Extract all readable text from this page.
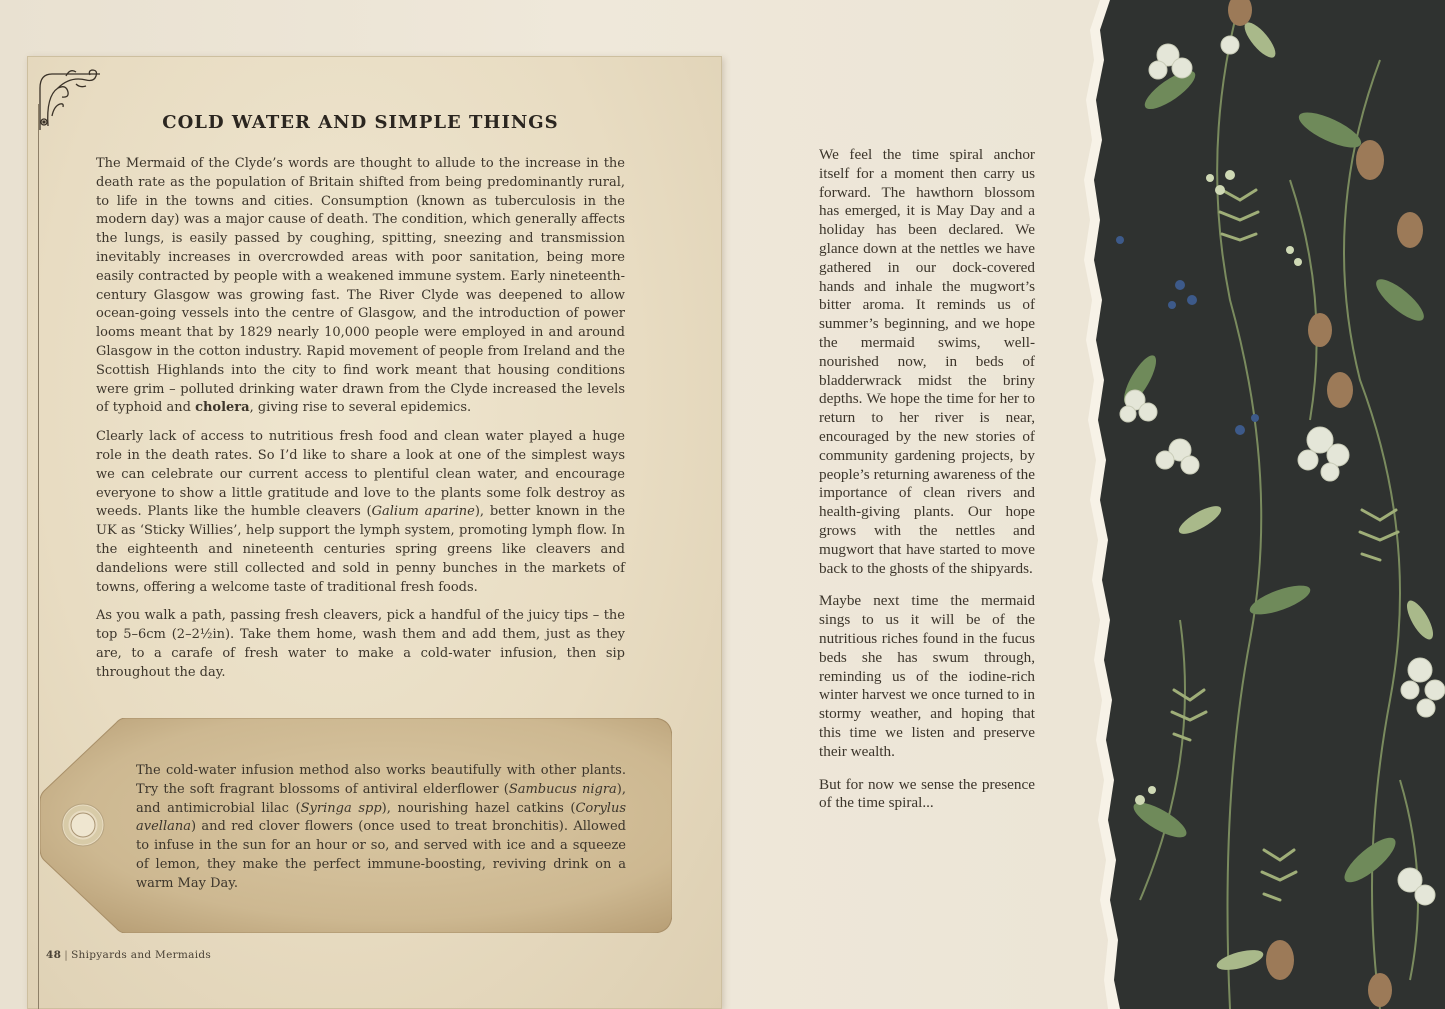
COLD WATER AND SIMPLE THINGS

The Mermaid of the Clyde’s words are thought to allude to the increase in the death rate as the population of Britain shifted from being predominantly rural, to life in the towns and cities. Consumption (known as tuberculosis in the modern day) was a major cause of death. The condition, which generally affects the lungs, is easily passed by coughing, spitting, sneezing and transmission inevitably increases in overcrowded areas with poor sanitation, being more easily contracted by people with a weakened immune system. Early nineteenth-century Glasgow was growing fast. The River Clyde was deepened to allow ocean-going vessels into the centre of Glasgow, and the introduction of power looms meant that by 1829 nearly 10,000 people were employed in and around Glasgow in the cotton industry. Rapid movement of people from Ireland and the Scottish Highlands into the city to find work meant that housing conditions were grim – polluted drinking water drawn from the Clyde increased the levels of typhoid and cholera, giving rise to several epidemics.

Clearly lack of access to nutritious fresh food and clean water played a huge role in the death rates. So I’d like to share a look at one of the simplest ways we can celebrate our current access to plentiful clean water, and encourage everyone to show a little gratitude and love to the plants some folk destroy as weeds. Plants like the humble cleavers (Galium aparine), better known in the UK as ‘Sticky Willies’, help support the lymph system, promoting lymph flow. In the eighteenth and nineteenth centuries spring greens like cleavers and dandelions were still collected and sold in penny bunches in the markets of towns, offering a welcome taste of traditional fresh foods.

As you walk a path, passing fresh cleavers, pick a handful of the juicy tips – the top 5–6cm (2–2½in). Take them home, wash them and add them, just as they are, to a carafe of fresh water to make a cold-water infusion, then sip throughout the day.

The cold-water infusion method also works beautifully with other plants. Try the soft fragrant blossoms of antiviral elderflower (Sambucus nigra), and antimicrobial lilac (Syringa spp), nourishing hazel catkins (Corylus avellana) and red clover flowers (once used to treat bronchitis). Allowed to infuse in the sun for an hour or so, and served with ice and a squeeze of lemon, they make the perfect immune-boosting, reviving drink on a warm May Day.

48 | Shipyards and Mermaids

We feel the time spiral anchor itself for a moment then carry us forward. The hawthorn blossom has emerged, it is May Day and a holiday has been declared. We glance down at the nettles we have gathered in our dock-covered hands and inhale the mugwort’s bitter aroma. It reminds us of summer’s beginning, and we hope the mermaid swims, well-nourished now, in beds of bladderwrack midst the briny depths. We hope the time for her to return to her river is near, encouraged by the new stories of community gardening projects, by people’s returning awareness of the importance of clean rivers and health-giving plants. Our hope grows with the nettles and mugwort that have started to move back to the ghosts of the shipyards.

Maybe next time the mermaid sings to us it will be of the nutritious riches found in the fucus beds she has swum through, reminding us of the iodine-rich winter harvest we once turned to in stormy weather, and hoping that this time we listen and preserve their wealth.

But for now we sense the presence of the time spiral...
